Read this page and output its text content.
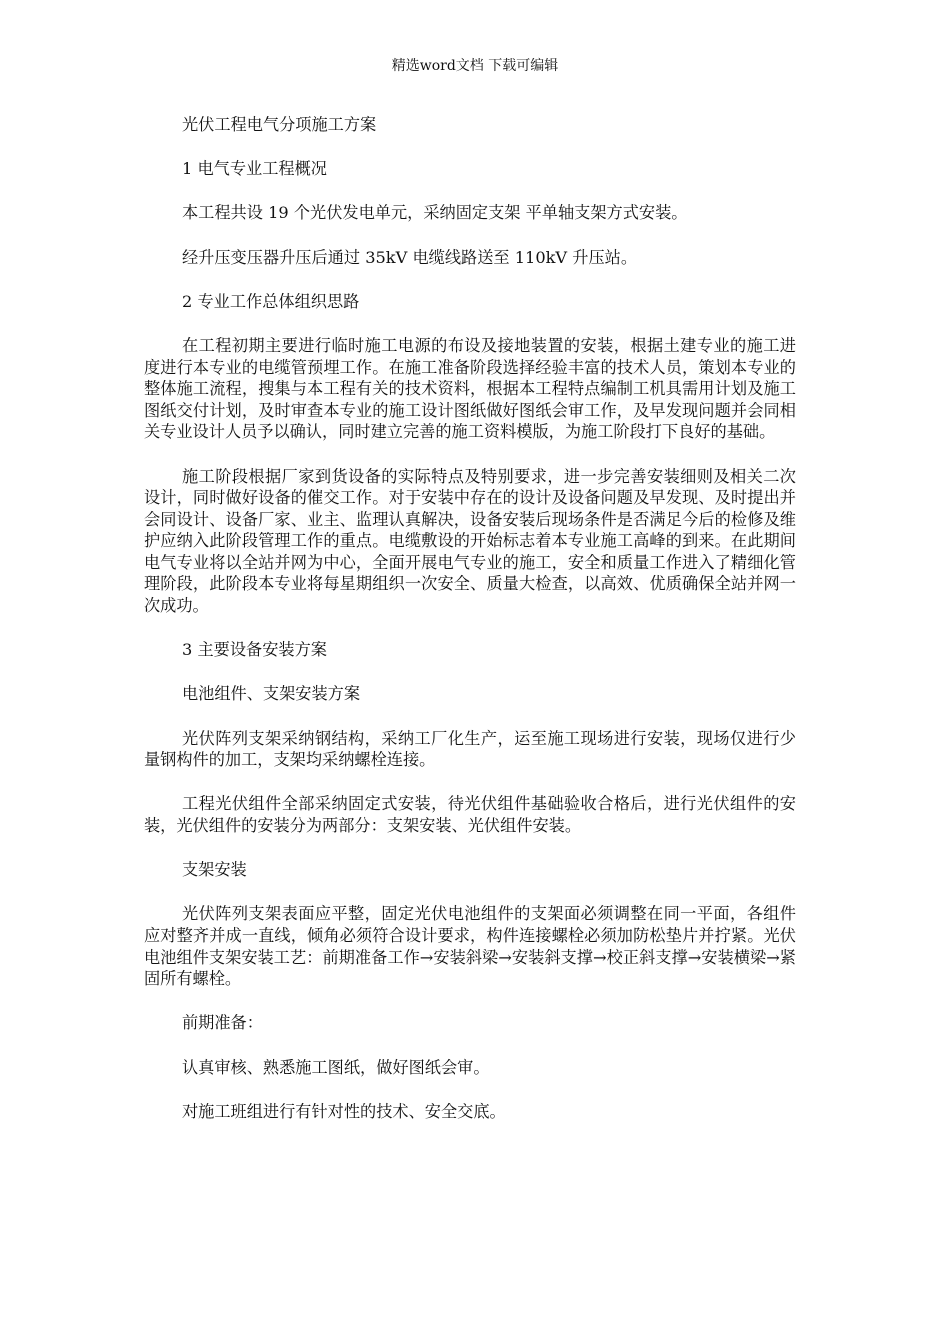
精选word文档 下载可编辑

光伏工程电气分项施工方案

1 电气专业工程概况

本工程共设 19 个光伏发电单元，采纳固定支架 平单轴支架方式安装。

经升压变压器升压后通过 35kV 电缆线路送至 110kV 升压站。

2 专业工作总体组织思路

在工程初期主要进行临时施工电源的布设及接地装置的安装，根据土建专业的施工进度进行本专业的电缆管预埋工作。在施工准备阶段选择经验丰富的技术人员，策划本专业的整体施工流程，搜集与本工程有关的技术资料，根据本工程特点编制工机具需用计划及施工图纸交付计划，及时审查本专业的施工设计图纸做好图纸会审工作，及早发现问题并会同相关专业设计人员予以确认，同时建立完善的施工资料模版，为施工阶段打下良好的基础。

施工阶段根据厂家到货设备的实际特点及特别要求，进一步完善安装细则及相关二次设计，同时做好设备的催交工作。对于安装中存在的设计及设备问题及早发现、及时提出并会同设计、设备厂家、业主、监理认真解决，设备安装后现场条件是否满足今后的检修及维护应纳入此阶段管理工作的重点。电缆敷设的开始标志着本专业施工高峰的到来。在此期间电气专业将以全站并网为中心，全面开展电气专业的施工，安全和质量工作进入了精细化管理阶段，此阶段本专业将每星期组织一次安全、质量大检查，以高效、优质确保全站并网一次成功。

3 主要设备安装方案

电池组件、支架安装方案

光伏阵列支架采纳钢结构，采纳工厂化生产，运至施工现场进行安装，现场仅进行少量钢构件的加工，支架均采纳螺栓连接。

工程光伏组件全部采纳固定式安装，待光伏组件基础验收合格后，进行光伏组件的安装，光伏组件的安装分为两部分：支架安装、光伏组件安装。

支架安装

光伏阵列支架表面应平整，固定光伏电池组件的支架面必须调整在同一平面，各组件应对整齐并成一直线，倾角必须符合设计要求，构件连接螺栓必须加防松垫片并拧紧。光伏电池组件支架安装工艺：前期准备工作→安装斜梁→安装斜支撑→校正斜支撑→安装横梁→紧固所有螺栓。

前期准备：

认真审核、熟悉施工图纸，做好图纸会审。

对施工班组进行有针对性的技术、安全交底。
